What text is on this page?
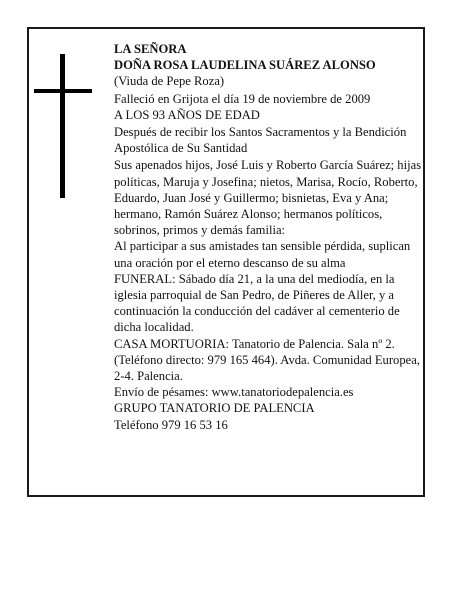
LA SEÑORA

DOÑA ROSA LAUDELINA SUÁREZ ALONSO

(Viuda de Pepe Roza)

Falleció en Grijota el día 19 de noviembre de 2009

A LOS 93 AÑOS DE EDAD

Después de recibir los Santos Sacramentos y la Bendición Apostólica de Su Santidad

Sus apenados hijos, José Luis y Roberto García Suárez; hijas políticas, Maruja y Josefina; nietos, Marisa, Rocío, Roberto, Eduardo, Juan José y Guillermo; bisnietas, Eva y Ana; hermano, Ramón Suárez Alonso; hermanos políticos, sobrinos, primos y demás familia:

Al participar a sus amistades tan sensible pérdida, suplican una oración por el eterno descanso de su alma

FUNERAL: Sábado día 21, a la una del mediodía, en la iglesia parroquial de San Pedro, de Piñeres de Aller, y a continuación la conducción del cadáver al cementerio de dicha localidad.

CASA MORTUORIA: Tanatorio de Palencia. Sala nº 2. (Teléfono directo: 979 165 464). Avda. Comunidad Europea, 2-4. Palencia.

Envío de pésames: www.tanatoriodepalencia.es

GRUPO TANATORIO DE PALENCIA

Teléfono 979 16 53 16
